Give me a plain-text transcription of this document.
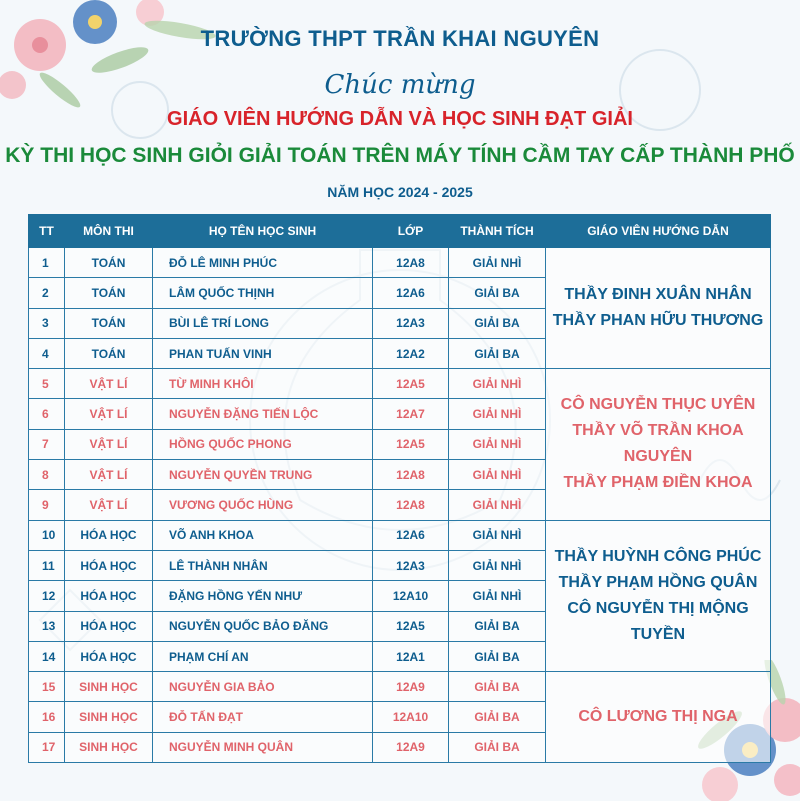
TRƯỜNG THPT TRẦN KHAI NGUYÊN
Chúc mừng
GIÁO VIÊN HƯỚNG DẪN VÀ HỌC SINH ĐẠT GIẢI
KỲ THI HỌC SINH GIỎI GIẢI TOÁN TRÊN MÁY TÍNH CẦM TAY CẤP THÀNH PHỐ
NĂM HỌC 2024 - 2025
TT	MÔN THI	HỌ TÊN HỌC SINH	LỚP	THÀNH TÍCH	GIÁO VIÊN HƯỚNG DẪN
1	TOÁN	ĐỖ LÊ MINH PHÚC	12A8	GIẢI NHÌ	THẦY ĐINH XUÂN NHÂN
THẦY PHAN HỮU THƯƠNG

2	TOÁN	LÂM QUỐC THỊNH	12A6	GIẢI BA	
3	TOÁN	BÙI LÊ TRÍ LONG	12A3	GIẢI BA	
4	TOÁN	PHAN TUẤN VINH	12A2	GIẢI BA	
5	VẬT LÍ	TỪ MINH KHÔI	12A5	GIẢI NHÌ	CÔ NGUYỄN THỤC UYÊN
THẦY VÕ TRẦN KHOA NGUYÊN
THẦY PHẠM ĐIỀN KHOA

6	VẬT LÍ	NGUYỄN ĐẶNG TIẾN LỘC	12A7	GIẢI NHÌ	
7	VẬT LÍ	HỒNG QUỐC PHONG	12A5	GIẢI NHÌ	
8	VẬT LÍ	NGUYỄN QUYỀN TRUNG	12A8	GIẢI NHÌ	
9	VẬT LÍ	VƯƠNG QUỐC HÙNG	12A8	GIẢI NHÌ	
10	HÓA HỌC	VÕ ANH KHOA	12A6	GIẢI NHÌ	THẦY HUỲNH CÔNG PHÚC
THẦY PHẠM HỒNG QUÂN
CÔ NGUYỄN THỊ MỘNG TUYỀN

11	HÓA HỌC	LÊ THÀNH NHÂN	12A3	GIẢI NHÌ	
12	HÓA HỌC	ĐẶNG HỒNG YẾN NHƯ	12A10	GIẢI NHÌ	
13	HÓA HỌC	NGUYỄN QUỐC BẢO ĐĂNG	12A5	GIẢI BA	
14	HÓA HỌC	PHẠM CHÍ AN	12A1	GIẢI BA	
15	SINH HỌC	NGUYỄN GIA BẢO	12A9	GIẢI BA	CÔ LƯƠNG THỊ NGA

16	SINH HỌC	ĐỖ TẤN ĐẠT	12A10	GIẢI BA	
17	SINH HỌC	NGUYỄN MINH QUÂN	12A9	GIẢI BA	
